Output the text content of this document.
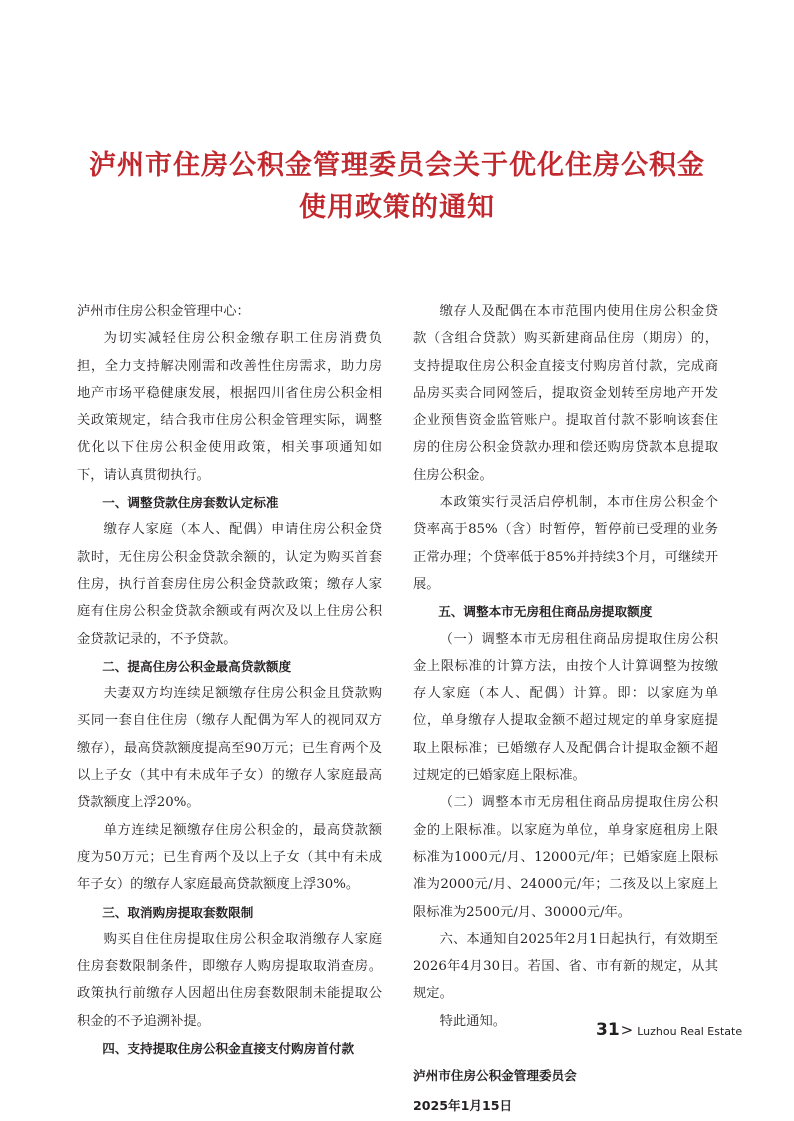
泸州市住房公积金管理委员会关于优化住房公积金
使用政策的通知

泸州市住房公积金管理中心：

为切实减轻住房公积金缴存职工住房消费负担，全力支持解决刚需和改善性住房需求，助力房地产市场平稳健康发展，根据四川省住房公积金相关政策规定，结合我市住房公积金管理实际，调整优化以下住房公积金使用政策，相关事项通知如下，请认真贯彻执行。

一、调整贷款住房套数认定标准

缴存人家庭（本人、配偶）申请住房公积金贷款时，无住房公积金贷款余额的，认定为购买首套住房，执行首套房住房公积金贷款政策；缴存人家庭有住房公积金贷款余额或有两次及以上住房公积金贷款记录的，不予贷款。

二、提高住房公积金最高贷款额度

夫妻双方均连续足额缴存住房公积金且贷款购买同一套自住住房（缴存人配偶为军人的视同双方缴存），最高贷款额度提高至90万元；已生育两个及以上子女（其中有未成年子女）的缴存人家庭最高贷款额度上浮20%。

单方连续足额缴存住房公积金的，最高贷款额度为50万元；已生育两个及以上子女（其中有未成年子女）的缴存人家庭最高贷款额度上浮30%。

三、取消购房提取套数限制

购买自住住房提取住房公积金取消缴存人家庭住房套数限制条件，即缴存人购房提取取消查房。政策执行前缴存人因超出住房套数限制未能提取公积金的不予追溯补提。

四、支持提取住房公积金直接支付购房首付款

缴存人及配偶在本市范围内使用住房公积金贷款（含组合贷款）购买新建商品住房（期房）的，支持提取住房公积金直接支付购房首付款，完成商品房买卖合同网签后，提取资金划转至房地产开发企业预售资金监管账户。提取首付款不影响该套住房的住房公积金贷款办理和偿还购房贷款本息提取住房公积金。

本政策实行灵活启停机制，本市住房公积金个贷率高于85%（含）时暂停，暂停前已受理的业务正常办理；个贷率低于85%并持续3个月，可继续开展。

五、调整本市无房租住商品房提取额度

（一）调整本市无房租住商品房提取住房公积金上限标准的计算方法，由按个人计算调整为按缴存人家庭（本人、配偶）计算。即：以家庭为单位，单身缴存人提取金额不超过规定的单身家庭提取上限标准；已婚缴存人及配偶合计提取金额不超过规定的已婚家庭上限标准。

（二）调整本市无房租住商品房提取住房公积金的上限标准。以家庭为单位，单身家庭租房上限标准为1000元/月、12000元/年；已婚家庭上限标准为2000元/月、24000元/年；二孩及以上家庭上限标准为2500元/月、30000元/年。

六、本通知自2025年2月1日起执行，有效期至2026年4月30日。若国、省、市有新的规定，从其规定。

特此通知。

泸州市住房公积金管理委员会

2025年1月15日

31 > Luzhou Real Estate
